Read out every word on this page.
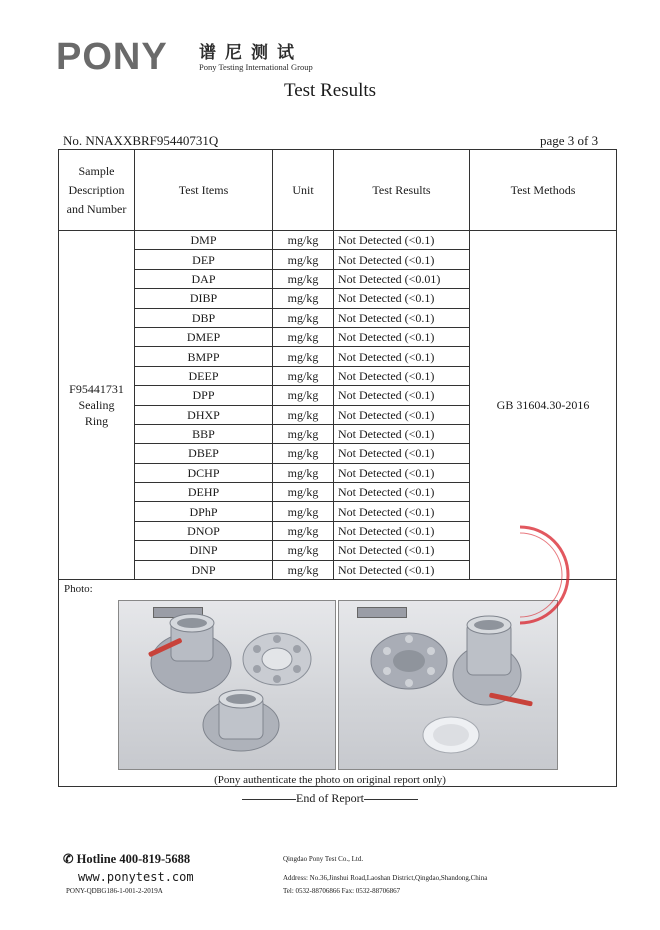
PONY 谱尼测试
Pony Testing International Group
Test Results
No. NNAXXBRF95440731Q	page 3 of 3
Sample Description and Number	Test Items	Unit	Test Results	Test Methods

F95441731
Sealing
Ring	DMP	mg/kg	Not Detected (<0.1)	GB 31604.30-2016
	DEP	mg/kg	Not Detected (<0.1)	
	DAP	mg/kg	Not Detected (<0.01)	
	DIBP	mg/kg	Not Detected (<0.1)	
	DBP	mg/kg	Not Detected (<0.1)	
	DMEP	mg/kg	Not Detected (<0.1)	
	BMPP	mg/kg	Not Detected (<0.1)	
	DEEP	mg/kg	Not Detected (<0.1)	
	DPP	mg/kg	Not Detected (<0.1)	
	DHXP	mg/kg	Not Detected (<0.1)	
	BBP	mg/kg	Not Detected (<0.1)	
	DBEP	mg/kg	Not Detected (<0.1)	
	DCHP	mg/kg	Not Detected (<0.1)	
	DEHP	mg/kg	Not Detected (<0.1)	
	DPhP	mg/kg	Not Detected (<0.1)	
	DNOP	mg/kg	Not Detected (<0.1)	
	DINP	mg/kg	Not Detected (<0.1)	
	DNP	mg/kg	Not Detected (<0.1)	
Photo:
(Pony authenticate the photo on original report only)
End of Report
✆ Hotline 400-819-5688
www.ponytest.com
PONY-QDBG186-1-001-2-2019A
Qingdao Pony Test Co., Ltd.
Address: No.36,Jinshui Road,Laoshan District,Qingdao,Shandong,China
Tel: 0532-88706866 Fax: 0532-88706867
